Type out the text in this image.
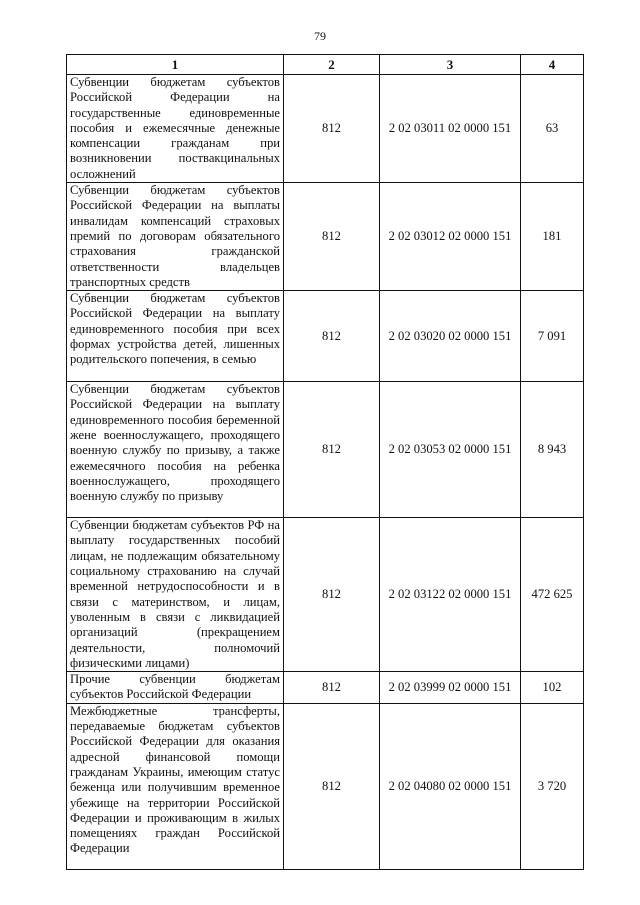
79
1	2	3	4
Субвенции бюджетам субъектов Российской Федерации на государственные единовременные пособия и ежемесячные денежные компенсации гражданам при возникновении поствакцинальных осложнений	812	2 02 03011 02 0000 151	63
Субвенции бюджетам субъектов Российской Федерации на выплаты инвалидам компенсаций страховых премий по договорам обязательного страхования гражданской ответственности владельцев транспортных средств	812	2 02 03012 02 0000 151	181
Субвенции бюджетам субъектов Российской Федерации на выплату единовременного пособия при всех формах устройства детей, лишенных родительского попечения, в семью	812	2 02 03020 02 0000 151	7 091
Субвенции бюджетам субъектов Российской Федерации на выплату единовременного пособия беременной жене военнослужащего, проходящего военную службу по призыву, а также ежемесячного пособия на ребенка военнослужащего, проходящего военную службу по призыву	812	2 02 03053 02 0000 151	8 943
Субвенции бюджетам субъектов РФ на выплату государственных пособий лицам, не подлежащим обязательному социальному страхованию на случай временной нетрудоспособности и в связи с материнством, и лицам, уволенным в связи с ликвидацией организаций (прекращением деятельности, полномочий физическими лицами)	812	2 02 03122 02 0000 151	472 625
Прочие субвенции бюджетам субъектов Российской Федерации	812	2 02 03999 02 0000 151	102
Межбюджетные трансферты, передаваемые бюджетам субъектов Российской Федерации для оказания адресной финансовой помощи гражданам Украины, имеющим статус беженца или получившим временное убежище на территории Российской Федерации и проживающим в жилых помещениях граждан Российской Федерации	812	2 02 04080 02 0000 151	3 720
